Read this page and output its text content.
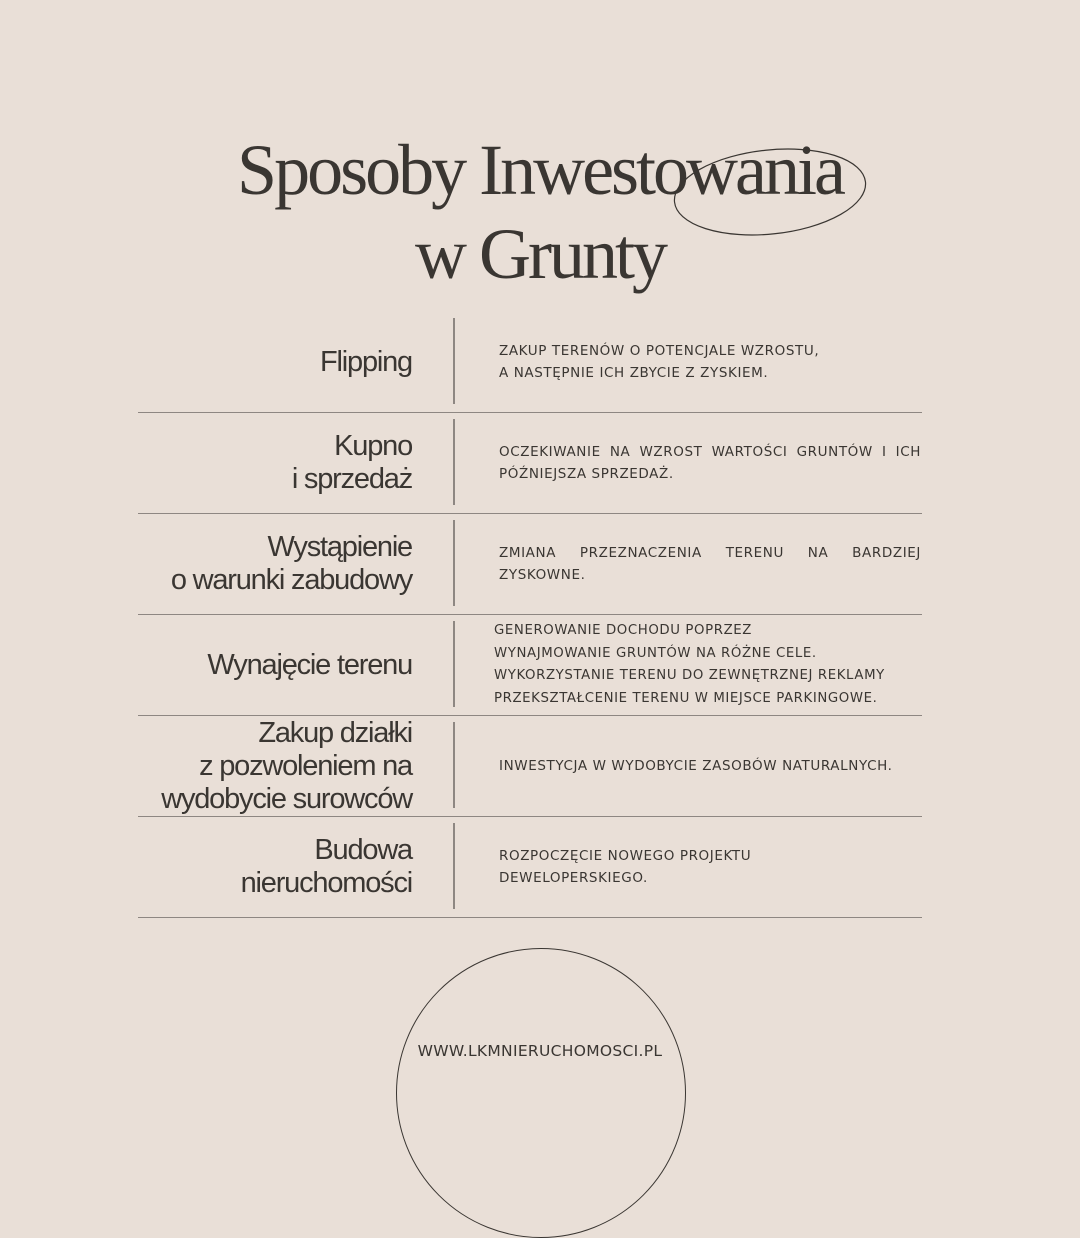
Sposoby Inwestowania
w Grunty
Flipping	ZAKUP TERENÓW O POTENCJALE WZROSTU,
A NASTĘPNIE ICH ZBYCIE Z ZYSKIEM.
Kupno
i sprzedaż
OCZEKIWANIE NA WZROST WARTOŚCI GRUNTÓW I ICH PÓŹNIEJSZA SPRZEDAŻ.
Wystąpienie
o warunki zabudowy
ZMIANA PRZEZNACZENIA TERENU NA BARDZIEJ ZYSKOWNE.
Wynajęcie terenu
GENEROWANIE DOCHODU POPRZEZ
WYNAJMOWANIE GRUNTÓW NA RÓŻNE CELE.
WYKORZYSTANIE TERENU DO ZEWNĘTRZNEJ REKLAMY
PRZEKSZTAŁCENIE TERENU W MIEJSCE PARKINGOWE.
Zakup działki
z pozwoleniem na
wydobycie surowców
INWESTYCJA W WYDOBYCIE ZASOBÓW NATURALNYCH.
Budowa
nieruchomości
ROZPOCZĘCIE NOWEGO PROJEKTU
DEWELOPERSKIEGO.
WWW.LKMNIERUCHOMOSCI.PL
